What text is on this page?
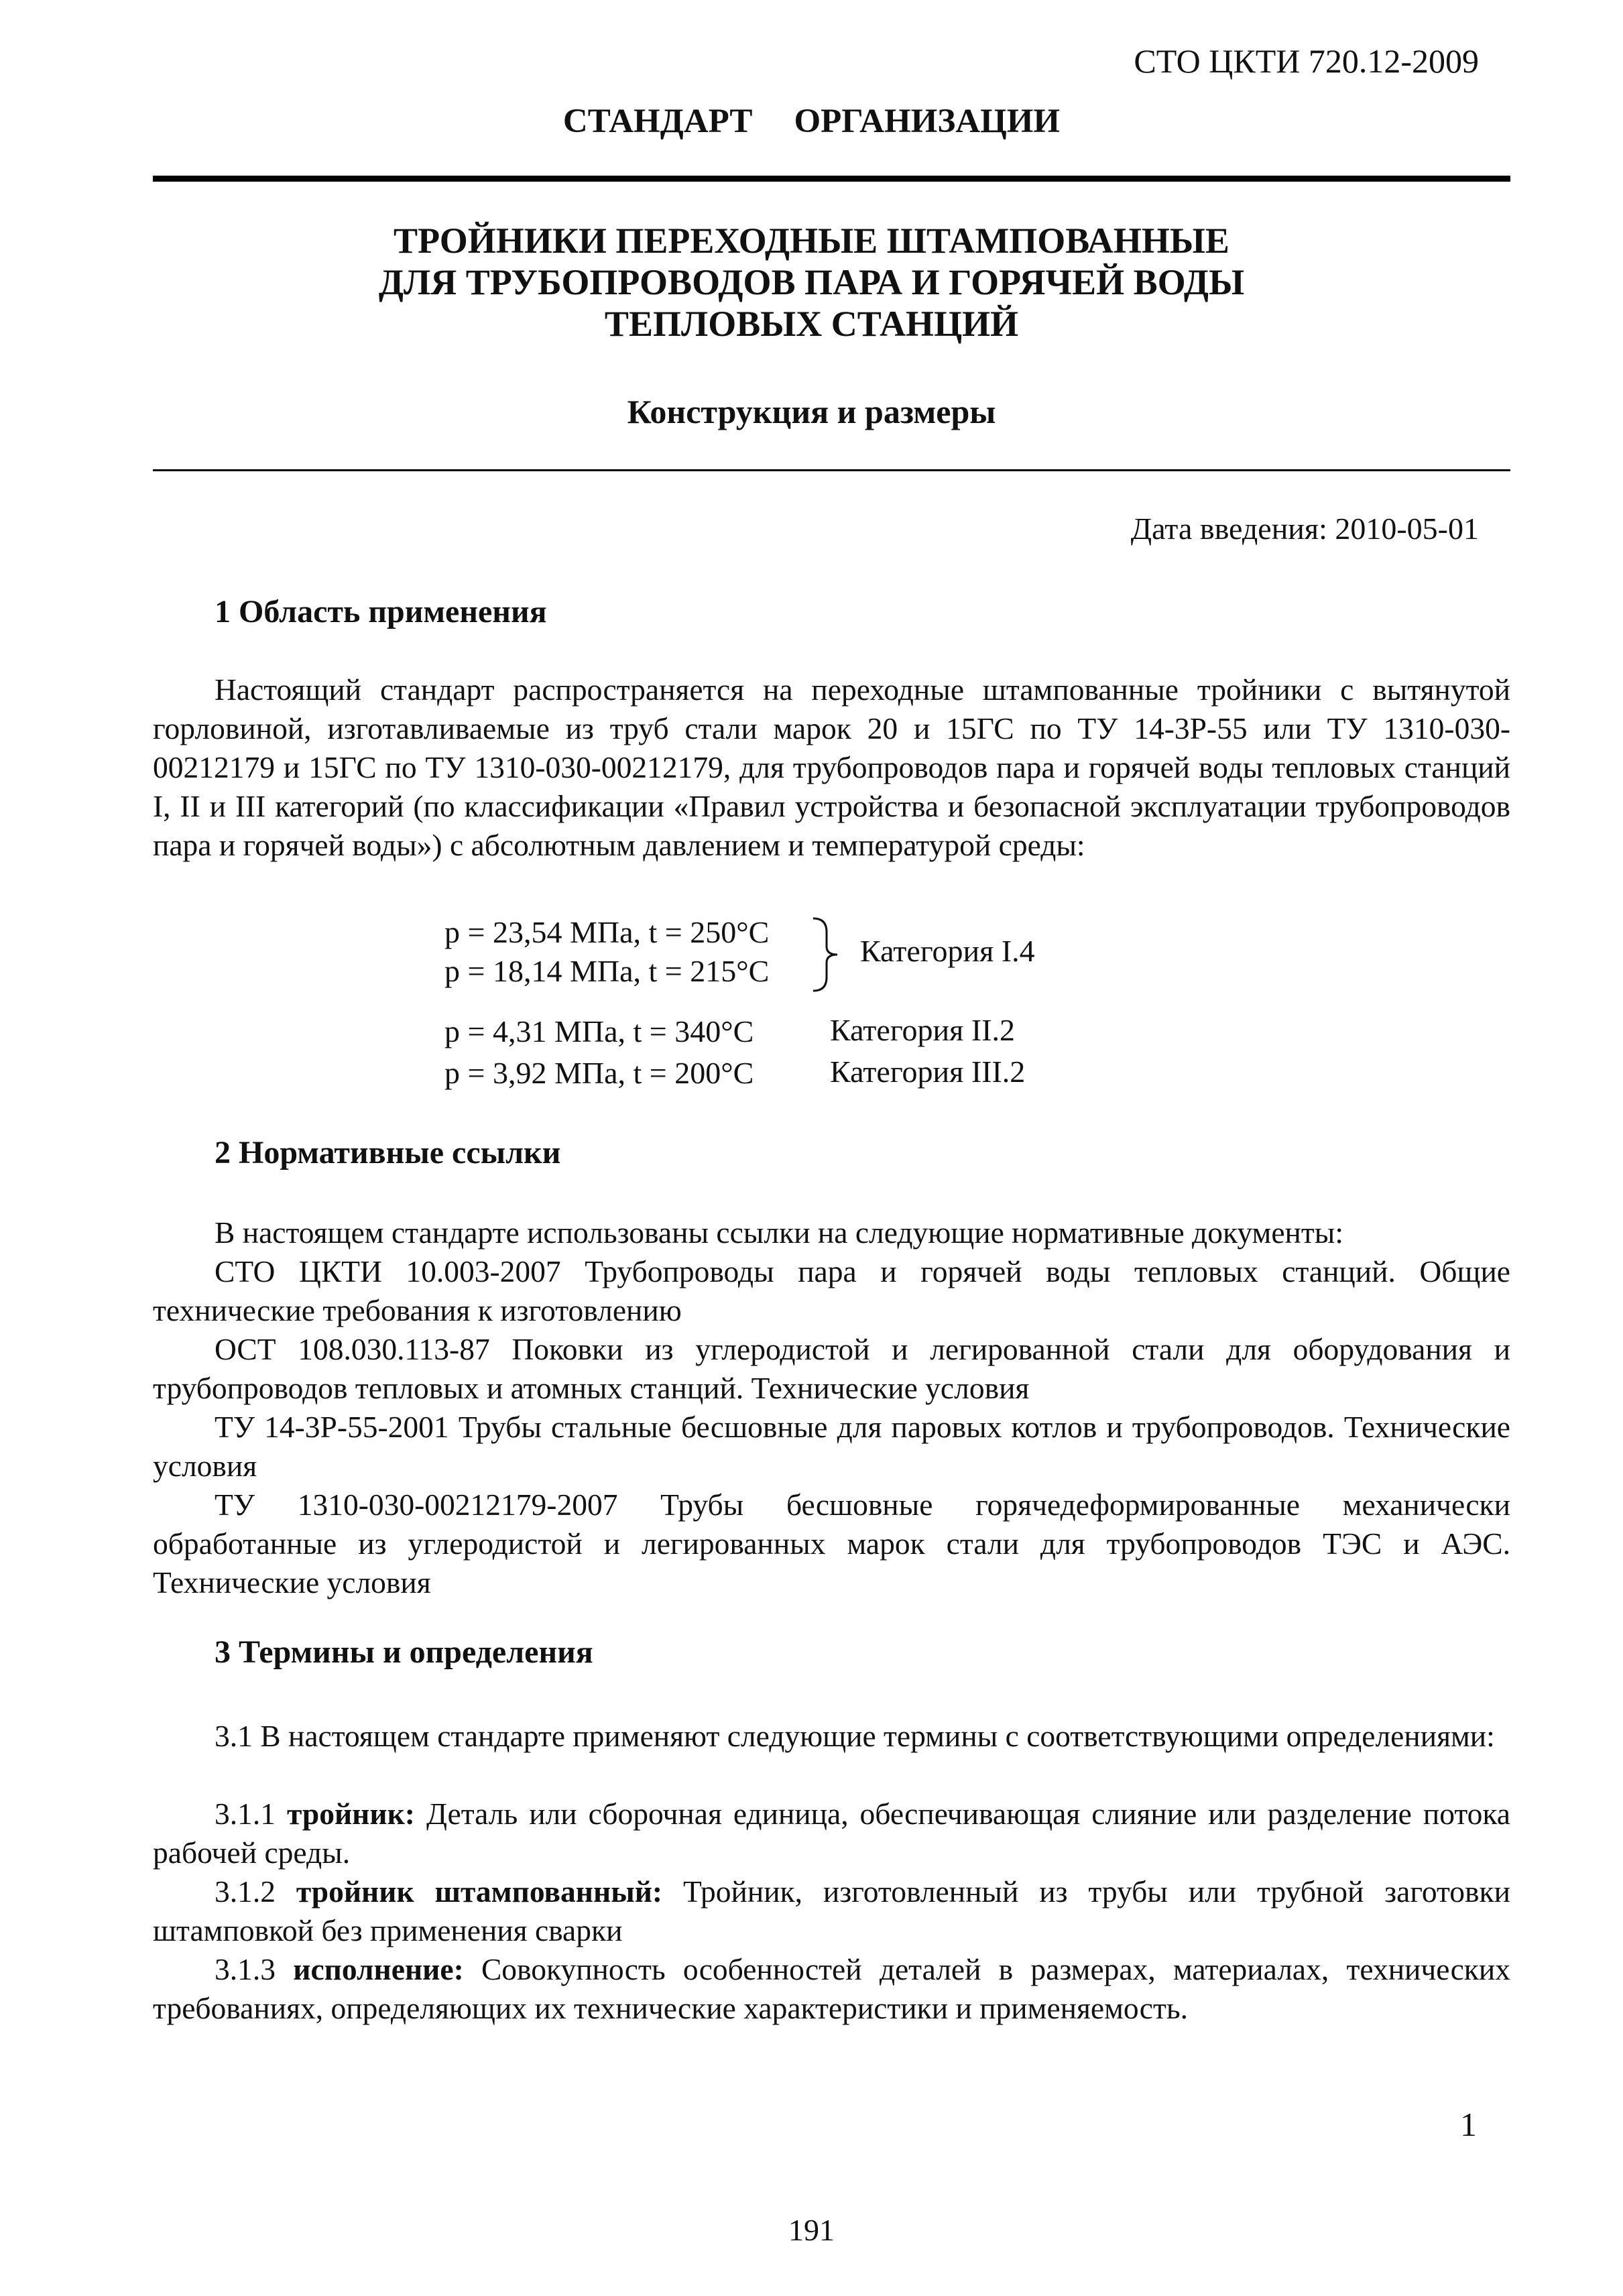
СТО ЦКТИ 720.12-2009
СТАНДАРТ ОРГАНИЗАЦИИ
ТРОЙНИКИ ПЕРЕХОДНЫЕ ШТАМПОВАННЫЕ
ДЛЯ ТРУБОПРОВОДОВ ПАРА И ГОРЯЧЕЙ ВОДЫ
ТЕПЛОВЫХ СТАНЦИЙ
Конструкция и размеры
Дата введения: 2010-05-01
1 Область применения
Настоящий стандарт распространяется на переходные штампованные тройники с вытянутой горловиной, изготавливаемые из труб стали марок 20 и 15ГС по ТУ 14-3Р-55 или ТУ 1310-030-00212179 и 15ГС по ТУ 1310-030-00212179, для трубопроводов пара и горячей воды тепловых станций I, II и III категорий (по классификации «Правил устройства и безопасной эксплуатации трубопроводов пара и горячей воды») с абсолютным давлением и температурой среды:
p = 23,54 МПа, t = 250°C
p = 18,14 МПа, t = 215°C
Категория I.4
p = 4,31 МПа, t = 340°C Категория II.2
p = 3,92 МПа, t = 200°C Категория III.2
2 Нормативные ссылки
В настоящем стандарте использованы ссылки на следующие нормативные документы:
СТО ЦКТИ 10.003-2007 Трубопроводы пара и горячей воды тепловых станций. Общие технические требования к изготовлению
ОСТ 108.030.113-87 Поковки из углеродистой и легированной стали для оборудования и трубопроводов тепловых и атомных станций. Технические условия
ТУ 14-3Р-55-2001 Трубы стальные бесшовные для паровых котлов и трубопроводов. Технические условия
ТУ 1310-030-00212179-2007 Трубы бесшовные горячедеформированные механически обработанные из углеродистой и легированных марок стали для трубопроводов ТЭС и АЭС. Технические условия
3 Термины и определения
3.1 В настоящем стандарте применяют следующие термины с соответствующими определениями:
3.1.1 тройник: Деталь или сборочная единица, обеспечивающая слияние или разделение потока рабочей среды.
3.1.2 тройник штампованный: Тройник, изготовленный из трубы или трубной заготовки штамповкой без применения сварки
3.1.3 исполнение: Совокупность особенностей деталей в размерах, материалах, технических требованиях, определяющих их технические характеристики и применяемость.
1
191
